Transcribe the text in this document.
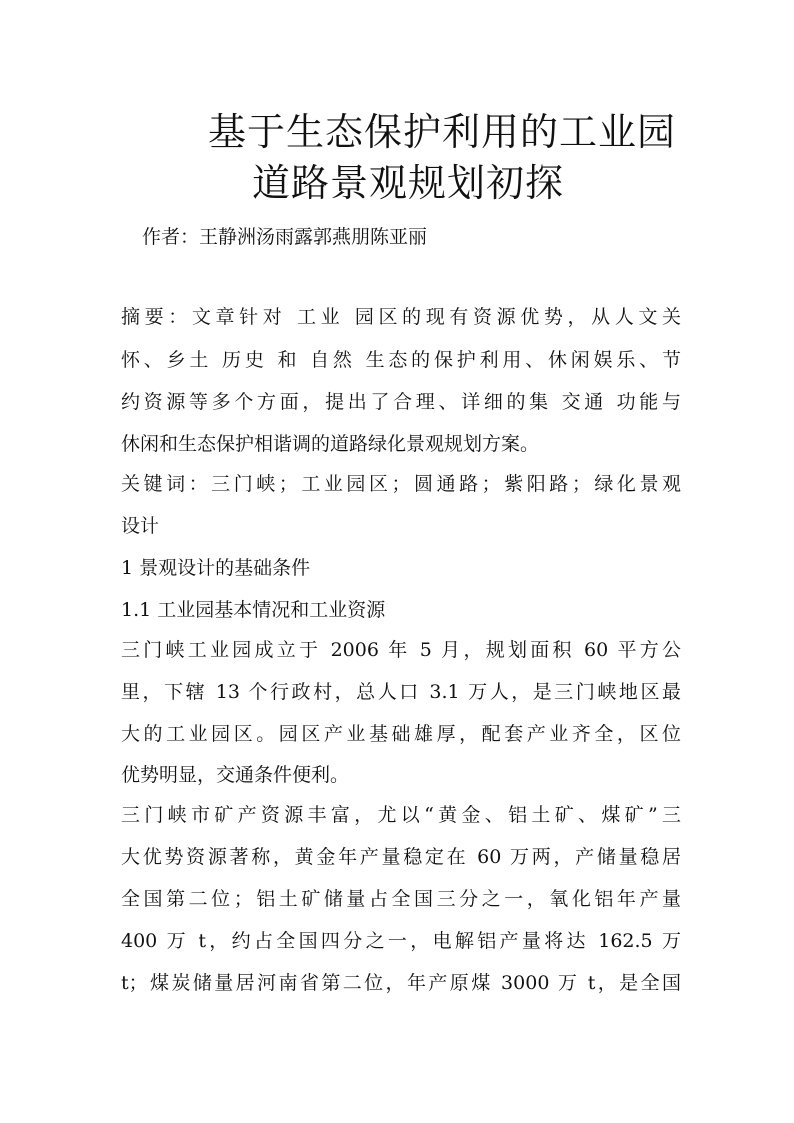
基于生态保护利用的工业园
道路景观规划初探
作者：王静洲汤雨露郭燕朋陈亚丽
摘要：文章针对 工业 园区的现有资源优势，从人文关
怀、乡土 历史 和 自然 生态的保护利用、休闲娱乐、节
约资源等多个方面，提出了合理、详细的集 交通 功能与
休闲和生态保护相谐调的道路绿化景观规划方案。
关键词：三门峡；工业园区；圆通路；紫阳路；绿化景观
设计
1 景观设计的基础条件
1.1 工业园基本情况和工业资源
三门峡工业园成立于 2006 年 5 月，规划面积 60 平方公
里，下辖 13 个行政村，总人口 3.1 万人，是三门峡地区最
大的工业园区。园区产业基础雄厚，配套产业齐全，区位
优势明显，交通条件便利。
三门峡市矿产资源丰富，尤以“黄金、铝土矿、煤矿”三
大优势资源著称，黄金年产量稳定在 60 万两，产储量稳居
全国第二位；铝土矿储量占全国三分之一，氧化铝年产量
400 万 t，约占全国四分之一，电解铝产量将达 162.5 万
t；煤炭储量居河南省第二位，年产原煤 3000 万 t，是全国
